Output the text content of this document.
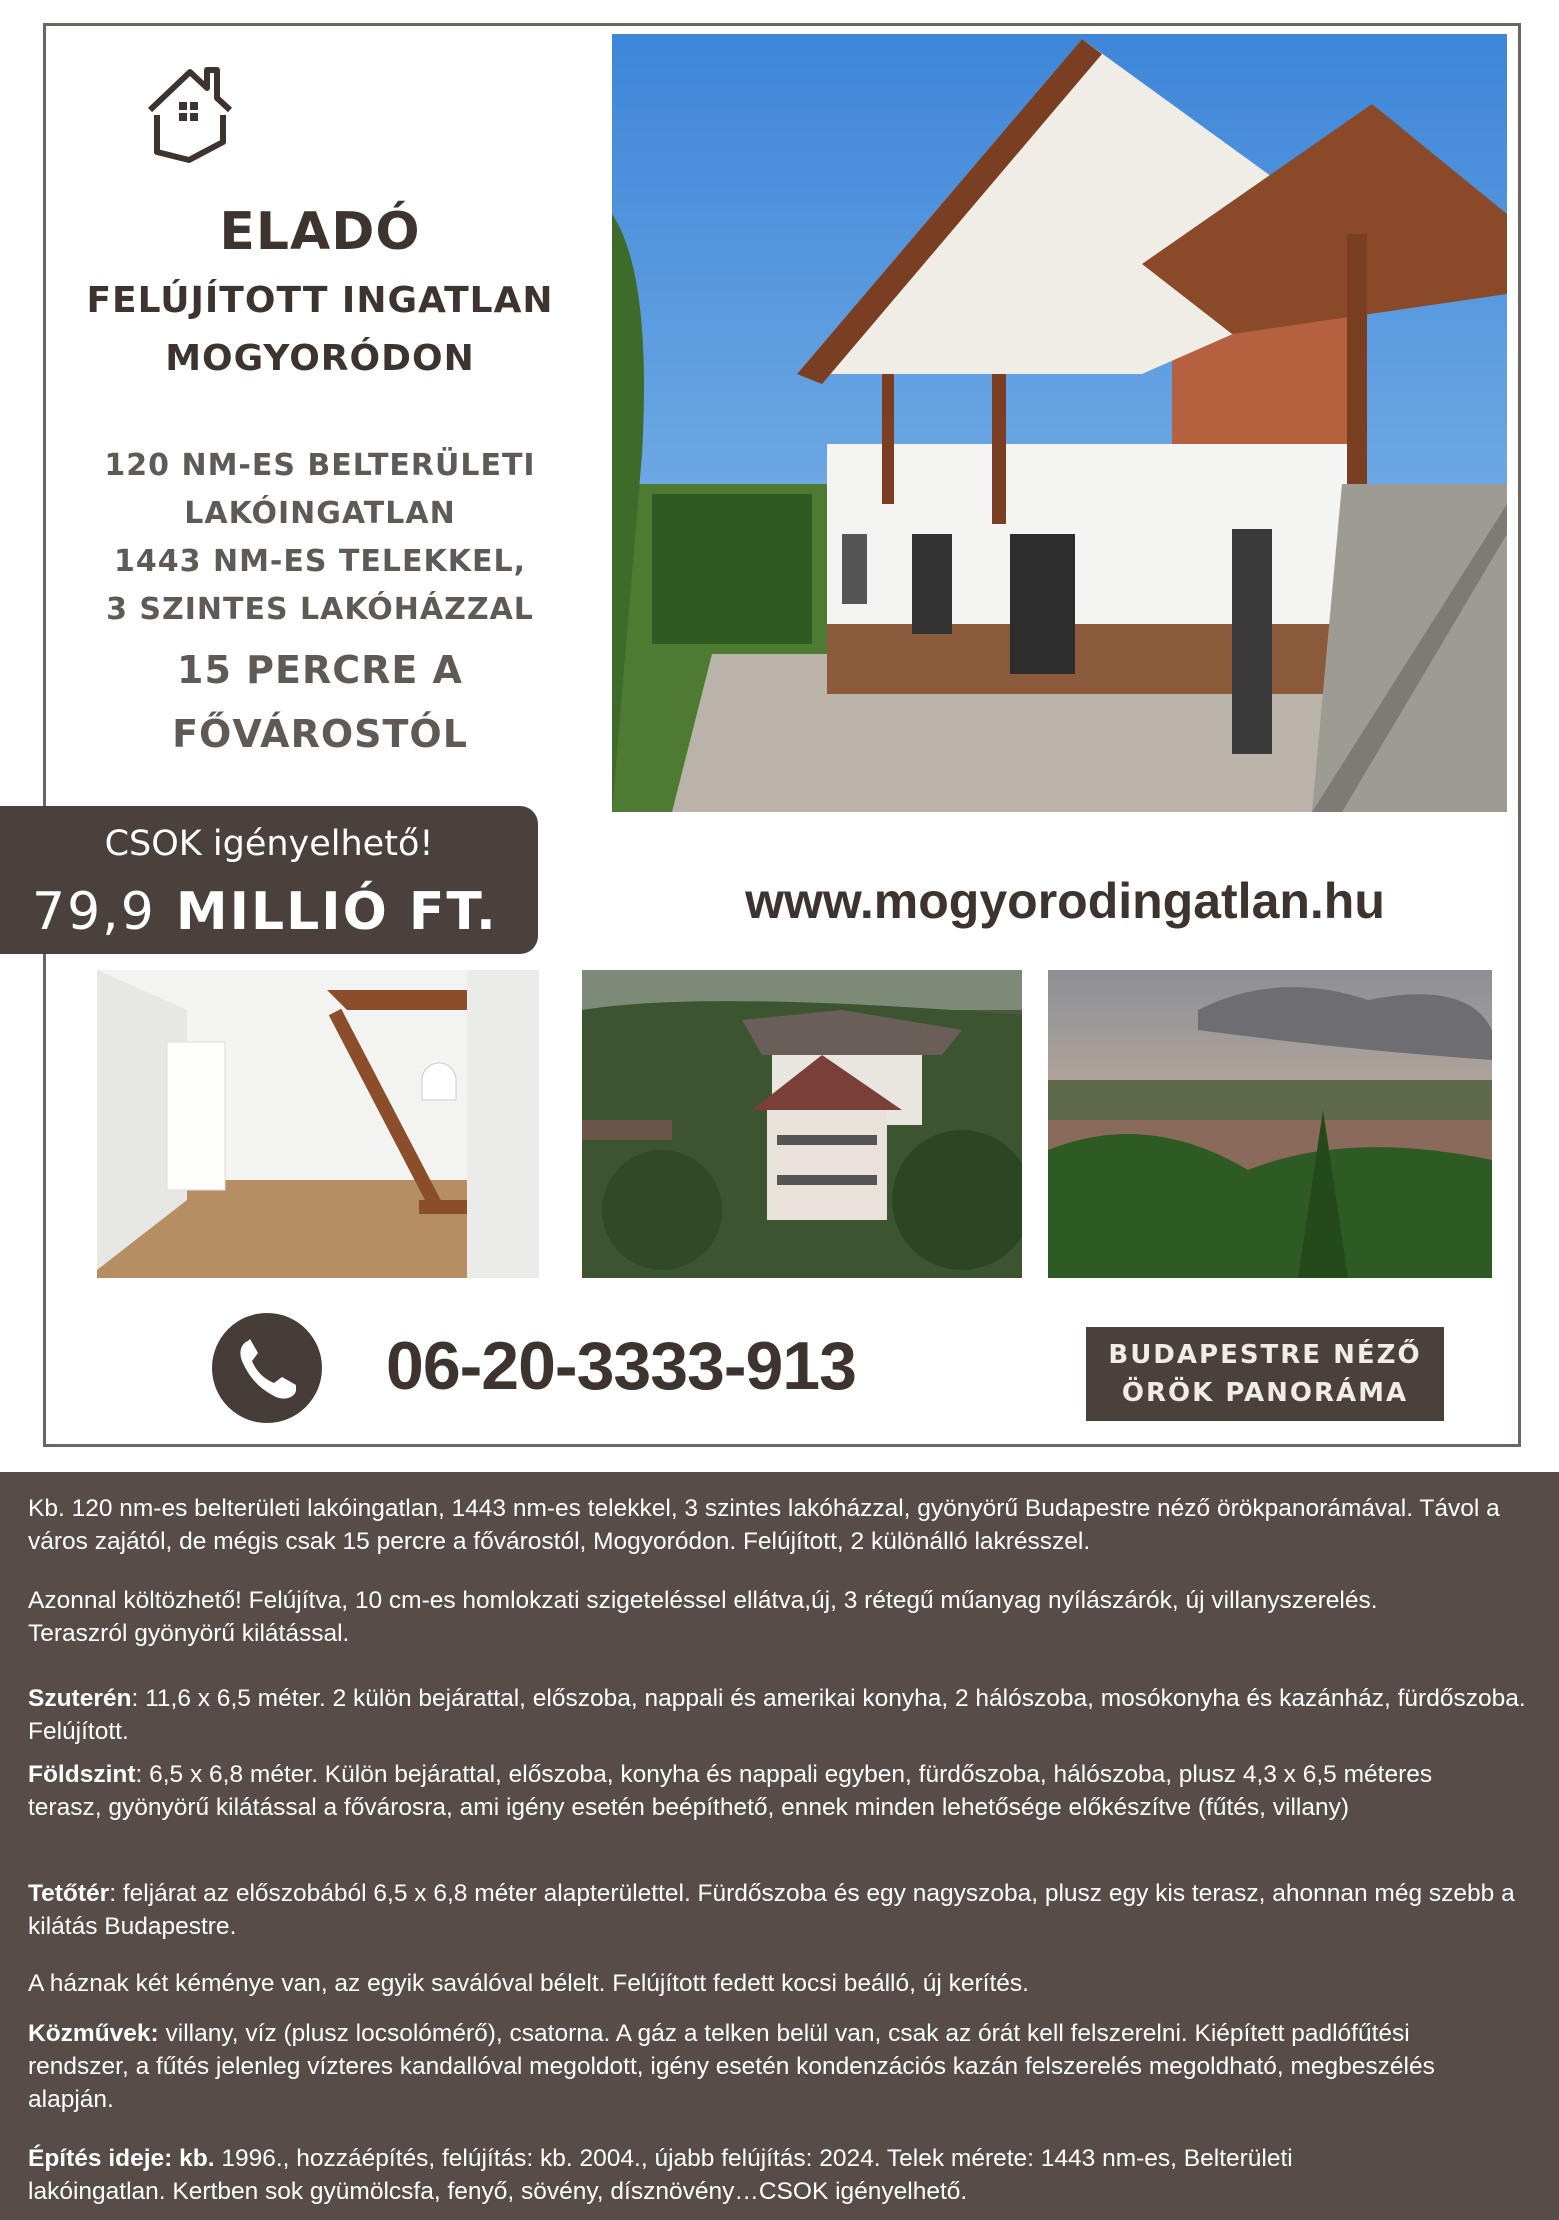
ELADÓ
FELÚJÍTOTT INGATLAN
MOGYORÓDON
120 NM-ES BELTERÜLETI
LAKÓINGATLAN
1443 NM-ES TELEKKEL,
3 SZINTES LAKÓHÁZZAL
15 PERCRE A
FŐVÁROSTÓL
CSOK igényelhető!
79,9 MILLIÓ FT.	www.mogyorodingatlan.hu
06-20-3333-913	BUDAPESTRE NÉZŐ
ÖRÖK PANORÁMA
Kb. 120 nm-es belterületi lakóingatlan, 1443 nm-es telekkel, 3 szintes lakóházzal, gyönyörű Budapestre néző örökpanorámával. Távol a város zajától, de mégis csak 15 percre a fővárostól, Mogyoródon. Felújított, 2 különálló lakrésszel.
Azonnal költözhető! Felújítva, 10 cm-es homlokzati szigeteléssel ellátva,új, 3 rétegű műanyag nyílászárók, új villanyszerelés. Teraszról gyönyörű kilátással.
Szuterén: 11,6 x 6,5 méter. 2 külön bejárattal, előszoba, nappali és amerikai konyha, 2 hálószoba, mosókonyha és kazánház, fürdőszoba. Felújított.
Földszint: 6,5 x 6,8 méter. Külön bejárattal, előszoba, konyha és nappali egyben, fürdőszoba, hálószoba, plusz 4,3 x 6,5 méteres terasz, gyönyörű kilátással a fővárosra, ami igény esetén beépíthető, ennek minden lehetősége előkészítve (fűtés, villany)
Tetőtér: feljárat az előszobából 6,5 x 6,8 méter alapterülettel. Fürdőszoba és egy nagyszoba, plusz egy kis terasz, ahonnan még szebb a kilátás Budapestre.
A háznak két kéménye van, az egyik saválóval bélelt. Felújított fedett kocsi beálló, új kerítés.
Közművek: villany, víz (plusz locsolómérő), csatorna. A gáz a telken belül van, csak az órát kell felszerelni. Kiépített padlófűtési rendszer, a fűtés jelenleg vízteres kandallóval megoldott, igény esetén kondenzációs kazán felszerelés megoldható, megbeszélés alapján.
Építés ideje: kb. 1996., hozzáépítés, felújítás: kb. 2004., újabb felújítás: 2024. Telek mérete: 1443 nm-es, Belterületi lakóingatlan. Kertben sok gyümölcsfa, fenyő, sövény, dísznövény…CSOK igényelhető.
